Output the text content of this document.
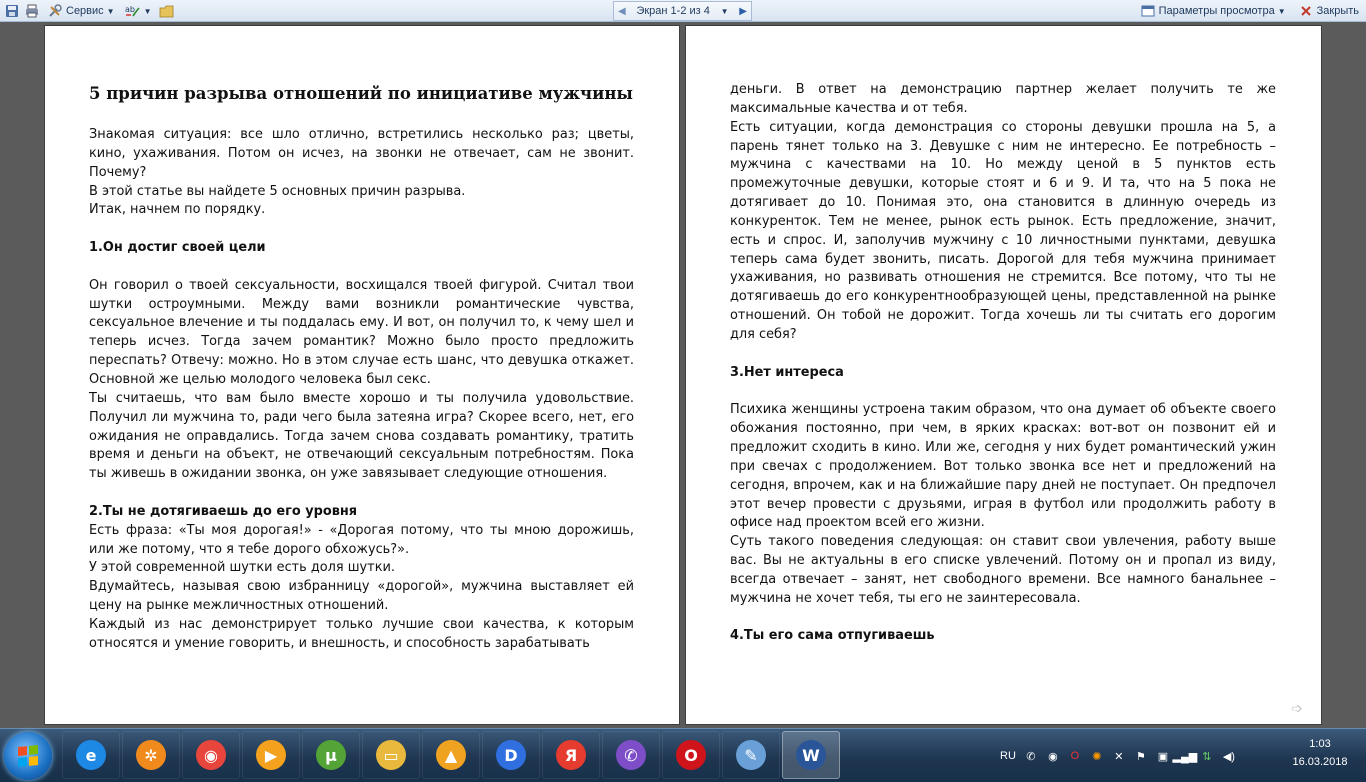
Сервис ▼ ab ▼	◀ Экран 1-2 из 4 ▼ ▶	Параметры просмотра ▼	Закрыть
5 причин разрыва отношений по инициативе мужчины
Знакомая ситуация: все шло отлично, встретились несколько раз; цветы, кино, ухаживания. Потом он исчез, на звонки не отвечает, сам не звонит. Почему?
В этой статье вы найдете 5 основных причин разрыва.
Итак, начнем по порядку.
1.Он достиг своей цели
Он говорил о твоей сексуальности, восхищался твоей фигурой. Считал твои шутки остроумными. Между вами возникли романтические чувства, сексуальное влечение и ты поддалась ему. И вот, он получил то, к чему шел и теперь исчез. Тогда зачем романтик? Можно было просто предложить переспать? Отвечу: можно. Но в этом случае есть шанс, что девушка откажет. Основной же целью молодого человека был секс.
Ты считаешь, что вам было вместе хорошо и ты получила удовольствие. Получил ли мужчина то, ради чего была затеяна игра? Скорее всего, нет, его ожидания не оправдались. Тогда зачем снова создавать романтику, тратить время и деньги на объект, не отвечающий сексуальным потребностям. Пока ты живешь в ожидании звонка, он уже завязывает следующие отношения.
2.Ты не дотягиваешь до его уровня
Есть фраза: «Ты моя дорогая!» - «Дорогая потому, что ты мною дорожишь, или же потому, что я тебе дорого обхожусь?».
У этой современной шутки есть доля шутки.
Вдумайтесь, называя свою избранницу «дорогой», мужчина выставляет ей цену на рынке межличностных отношений.
Каждый из нас демонстрирует только лучшие свои качества, к которым относятся и умение говорить, и внешность, и способность зарабатывать
деньги. В ответ на демонстрацию партнер желает получить те же максимальные качества и от тебя.
Есть ситуации, когда демонстрация со стороны девушки прошла на 5, а парень тянет только на 3. Девушке с ним не интересно. Ее потребность – мужчина с качествами на 10. Но между ценой в 5 пунктов есть промежуточные девушки, которые стоят и 6 и 9. И та, что на 5 пока не дотягивает до 10. Понимая это, она становится в длинную очередь из конкуренток. Тем не менее, рынок есть рынок. Есть предложение, значит, есть и спрос. И, заполучив мужчину с 10 личностными пунктами, девушка теперь сама будет звонить, писать. Дорогой для тебя мужчина принимает ухаживания, но развивать отношения не стремится. Все потому, что ты не дотягиваешь до его конкурентнообразующей цены, представленной на рынке отношений. Он тобой не дорожит. Тогда хочешь ли ты считать его дорогим для себя?
3.Нет интереса
Психика женщины устроена таким образом, что она думает об объекте своего обожания постоянно, при чем, в ярких красках: вот-вот он позвонит ей и предложит сходить в кино. Или же, сегодня у них будет романтический ужин при свечах с продолжением. Вот только звонка все нет и предложений на сегодня, впрочем, как и на ближайшие пару дней не поступает. Он предпочел этот вечер провести с друзьями, играя в футбол или продолжить работу в офисе над проектом всей его жизни.
Суть такого поведения следующая: он ставит свои увлечения, работу выше вас. Вы не актуальны в его списке увлечений. Потому он и пропал из виду, всегда отвечает – занят, нет свободного времени. Все намного банальнее – мужчина не хочет тебя, ты его не заинтересовала.
4.Ты его сама отпугиваешь
➩
e	✲	◉	▶	µ	▭	▲	D	Я	✆	O	✎	W	RU ✆ ◉ O ✺ ✕ ⚑ ▣ ▂▄▆ ⇅ ◀)
1:03
16.03.2018
